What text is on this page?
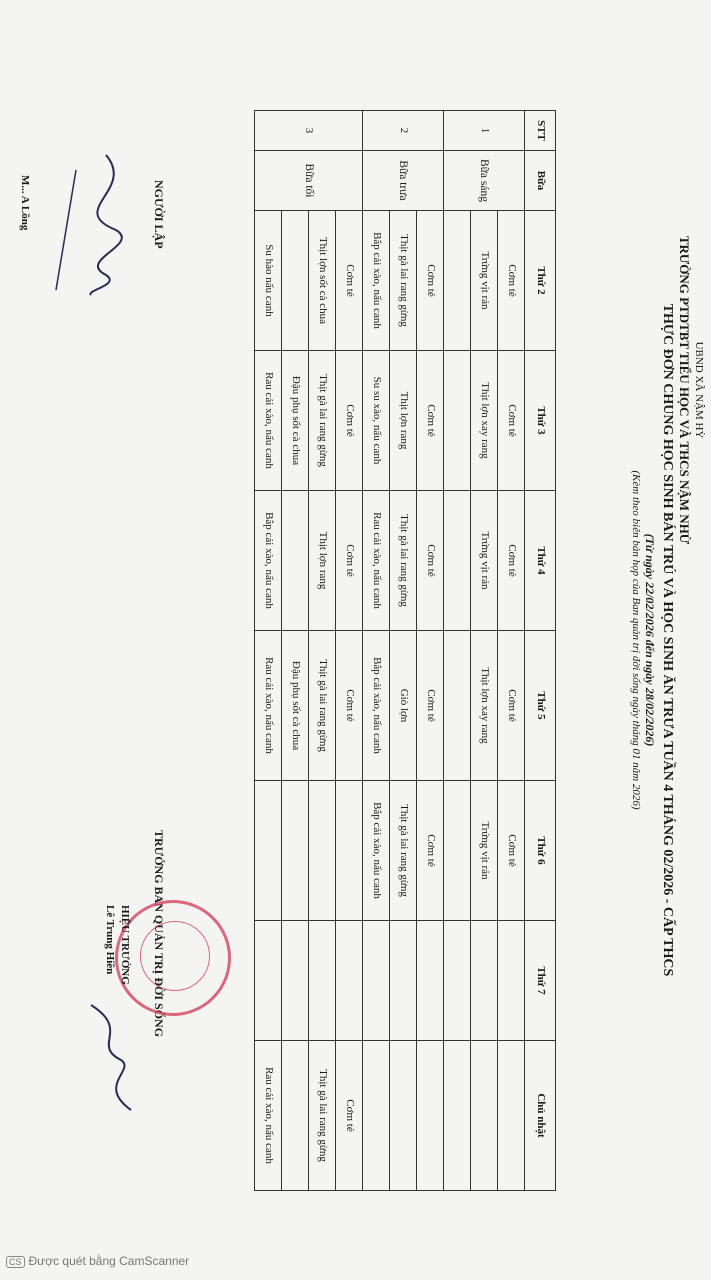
UBND XÃ NẬM HỲ
TRƯỜNG PTDTBT TIỂU HỌC VÀ THCS NẬM NHỪ
THỰC ĐƠN CHUNG HỌC SINH BÁN TRÚ VÀ HỌC SINH ĂN TRƯA TUẦN 4 THÁNG 02/2026 - CẤP THCS
(Từ ngày 22/02/2026 đến ngày 28/02/2026)
(Kèm theo biên bản họp của Ban quản trị đời sống ngày tháng 01 năm 2026)
STT	Bữa	Thứ 2	Thứ 3	Thứ 4	Thứ 5	Thứ 6	Thứ 7	Chủ nhật
1	Bữa sáng	Cơm tẻ	Cơm tẻ	Cơm tẻ	Cơm tẻ	Cơm tẻ		
		Trứng vịt rán	Thịt lợn xay rang	Trứng vịt rán	Thịt lợn xay rang	Trứng vịt rán		

2	Bữa trưa	Cơm tẻ	Cơm tẻ	Cơm tẻ	Cơm tẻ	Cơm tẻ		
		Thịt gà lai rang gừng	Thịt lợn rang	Thịt gà lai rang gừng	Giò lợn	Thịt gà lai rang gừng		
		Bắp cải xào, nấu canh	Su su xào, nấu canh	Rau cải xào, nấu canh	Bắp cải xào, nấu canh	Bắp cải xào, nấu canh		
3	Bữa tối	Cơm tẻ	Cơm tẻ	Cơm tẻ	Cơm tẻ			Cơm tẻ
		Thịt lợn sốt cà chua	Thịt gà lai rang gừng	Thịt lợn rang	Thịt gà lai rang gừng			Thịt gà lai rang gừng
			Đậu phụ sốt cà chua		Đậu phụ sốt cà chua			
		Su hào nấu canh	Rau cải xào, nấu canh	Bắp cải xào, nấu canh	Rau cải xào, nấu canh			Rau cải xào, nấu canh
NGƯỜI LẬP
M... A Lồng
TRƯỞNG BAN QUẢN TRỊ ĐỜI SỐNG
HIỆU TRƯỞNG
Lê Trung Hiền
CS Được quét bằng CamScanner
